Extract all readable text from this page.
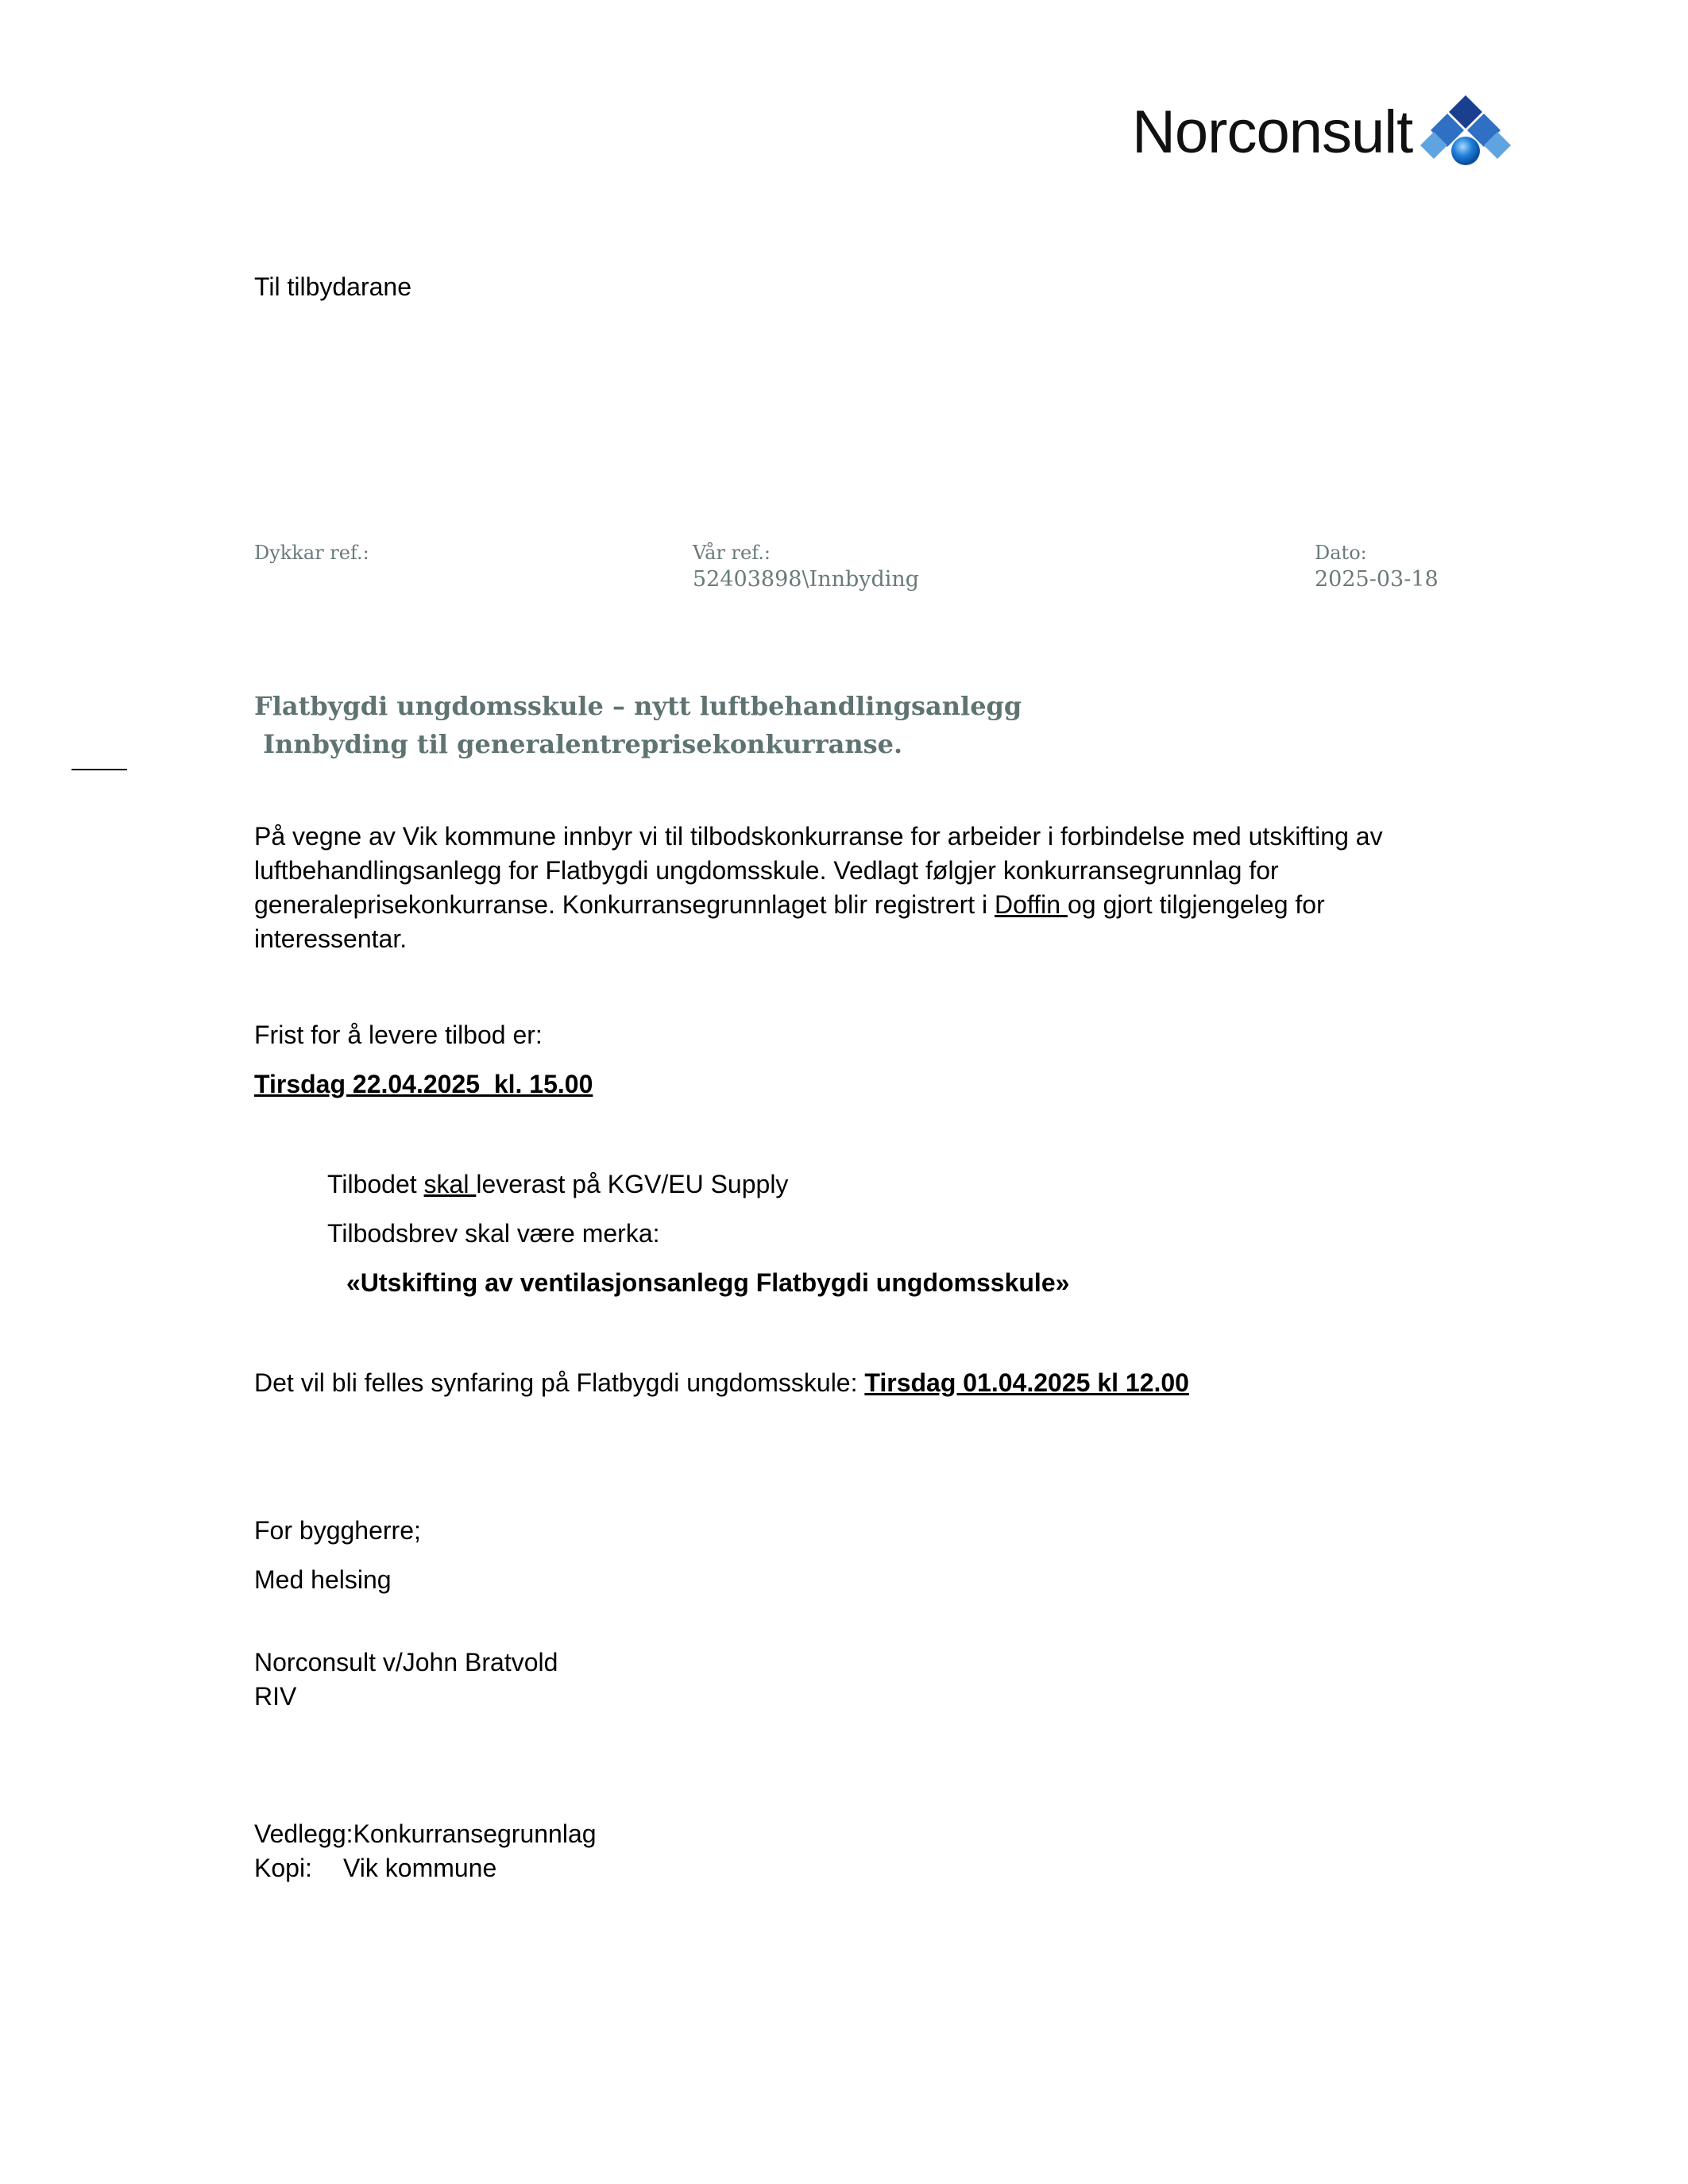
Norconsult
Til tilbydarane
Dykkar ref.:	Vår ref.:
52403898\Innbyding
Dato:
2025-03-18
Flatbygdi ungdomsskule – nytt luftbehandlingsanlegg
Innbyding til generalentreprisekonkurranse.
På vegne av Vik kommune innbyr vi til tilbodskonkurranse for arbeider i forbindelse med utskifting av luftbehandlingsanlegg for Flatbygdi ungdomsskule. Vedlagt følgjer konkurransegrunnlag for generaleprisekonkurranse. Konkurransegrunnlaget blir registrert i Doffin og gjort tilgjengeleg for interessentar.
Frist for å levere tilbod er:
Tirsdag 22.04.2025  kl. 15.00
Tilbodet skal leverast på KGV/EU Supply
Tilbodsbrev skal være merka:
«Utskifting av ventilasjonsanlegg Flatbygdi ungdomsskule»
Det vil bli felles synfaring på Flatbygdi ungdomsskule: Tirsdag 01.04.2025 kl 12.00
For byggherre;
Med helsing
Norconsult v/John Bratvold
RIV
Vedlegg:Konkurransegrunnlag
Kopi: Vik kommune
